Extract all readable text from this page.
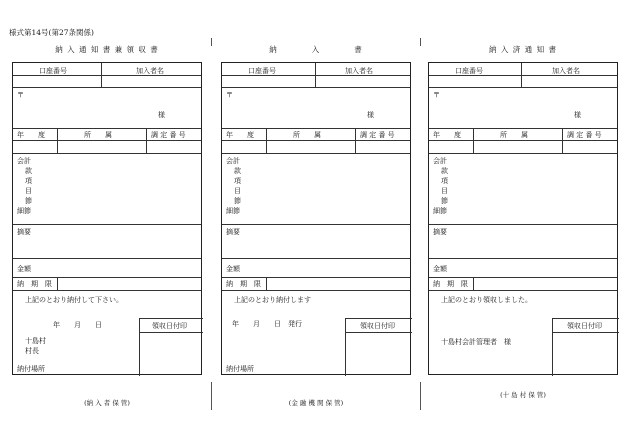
様式第14号(第27条関係)
納 入 通 知 書 兼 領 収 書
口座番号	加入者名
〒
様
年　　度	所　　属	調 定 番 号
会計
款
項
目
節
細節
摘要
金額
納　期　限
上記のとおり納付して下さい。
年　　月　　日
十島村
村長
納付場所
領収日付印
(納 入 者 保 管)
納　　　　入　　　　書
口座番号	加入者名
〒
様
年　　度	所　　属	調 定 番 号
会計
款
項
目
節
細節
摘要
金額
納　期　限
上記のとおり納付します
年　　月　　日　発行
納付場所
領収日付印
(金 融 機 関 保 管)
納 入 済 通 知 書
口座番号	加入者名
〒
様
年　　度	所　　属	調 定 番 号
会計
款
項
目
節
細節
摘要
金額
納　期　限
上記のとおり領収しました。
十島村会計管理者　様
領収日付印
(十 島 村 保 管)
